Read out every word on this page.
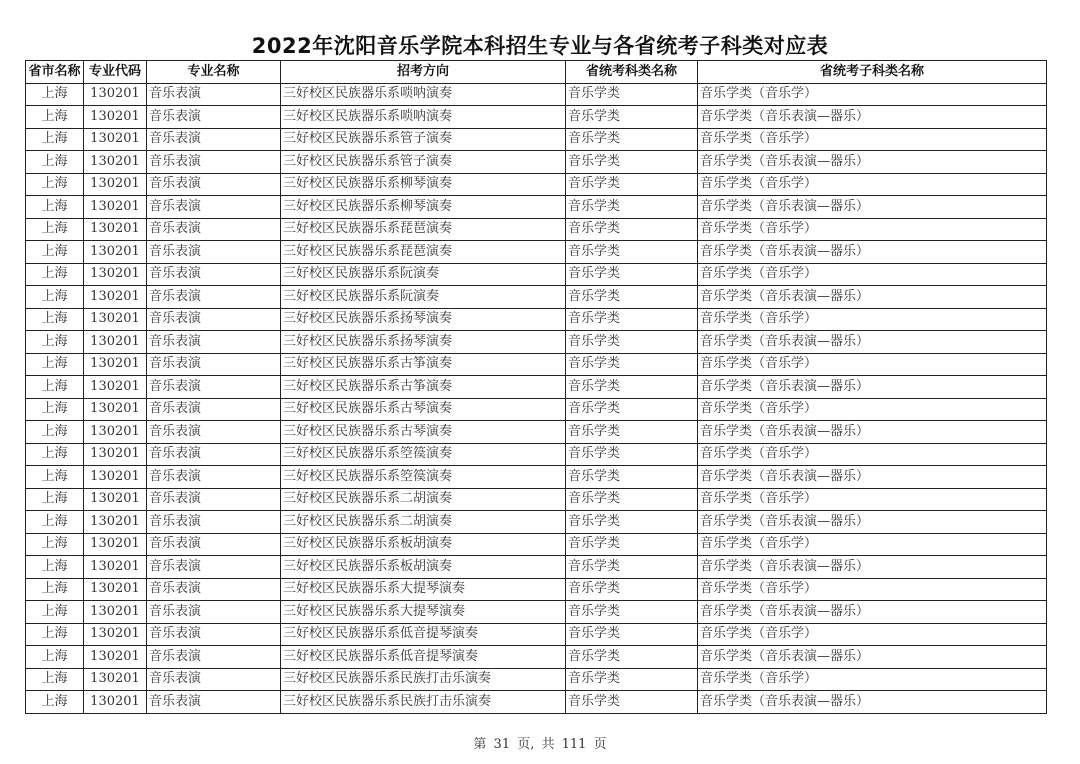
2022年沈阳音乐学院本科招生专业与各省统考子科类对应表
省市名称	专业代码	专业名称	招考方向	省统考科类名称	省统考子科类名称
上海	130201	音乐表演	三好校区民族器乐系唢呐演奏	音乐学类	音乐学类（音乐学）
上海	130201	音乐表演	三好校区民族器乐系唢呐演奏	音乐学类	音乐学类（音乐表演—器乐）
上海	130201	音乐表演	三好校区民族器乐系管子演奏	音乐学类	音乐学类（音乐学）
上海	130201	音乐表演	三好校区民族器乐系管子演奏	音乐学类	音乐学类（音乐表演—器乐）
上海	130201	音乐表演	三好校区民族器乐系柳琴演奏	音乐学类	音乐学类（音乐学）
上海	130201	音乐表演	三好校区民族器乐系柳琴演奏	音乐学类	音乐学类（音乐表演—器乐）
上海	130201	音乐表演	三好校区民族器乐系琵琶演奏	音乐学类	音乐学类（音乐学）
上海	130201	音乐表演	三好校区民族器乐系琵琶演奏	音乐学类	音乐学类（音乐表演—器乐）
上海	130201	音乐表演	三好校区民族器乐系阮演奏	音乐学类	音乐学类（音乐学）
上海	130201	音乐表演	三好校区民族器乐系阮演奏	音乐学类	音乐学类（音乐表演—器乐）
上海	130201	音乐表演	三好校区民族器乐系扬琴演奏	音乐学类	音乐学类（音乐学）
上海	130201	音乐表演	三好校区民族器乐系扬琴演奏	音乐学类	音乐学类（音乐表演—器乐）
上海	130201	音乐表演	三好校区民族器乐系古筝演奏	音乐学类	音乐学类（音乐学）
上海	130201	音乐表演	三好校区民族器乐系古筝演奏	音乐学类	音乐学类（音乐表演—器乐）
上海	130201	音乐表演	三好校区民族器乐系古琴演奏	音乐学类	音乐学类（音乐学）
上海	130201	音乐表演	三好校区民族器乐系古琴演奏	音乐学类	音乐学类（音乐表演—器乐）
上海	130201	音乐表演	三好校区民族器乐系箜篌演奏	音乐学类	音乐学类（音乐学）
上海	130201	音乐表演	三好校区民族器乐系箜篌演奏	音乐学类	音乐学类（音乐表演—器乐）
上海	130201	音乐表演	三好校区民族器乐系二胡演奏	音乐学类	音乐学类（音乐学）
上海	130201	音乐表演	三好校区民族器乐系二胡演奏	音乐学类	音乐学类（音乐表演—器乐）
上海	130201	音乐表演	三好校区民族器乐系板胡演奏	音乐学类	音乐学类（音乐学）
上海	130201	音乐表演	三好校区民族器乐系板胡演奏	音乐学类	音乐学类（音乐表演—器乐）
上海	130201	音乐表演	三好校区民族器乐系大提琴演奏	音乐学类	音乐学类（音乐学）
上海	130201	音乐表演	三好校区民族器乐系大提琴演奏	音乐学类	音乐学类（音乐表演—器乐）
上海	130201	音乐表演	三好校区民族器乐系低音提琴演奏	音乐学类	音乐学类（音乐学）
上海	130201	音乐表演	三好校区民族器乐系低音提琴演奏	音乐学类	音乐学类（音乐表演—器乐）
上海	130201	音乐表演	三好校区民族器乐系民族打击乐演奏	音乐学类	音乐学类（音乐学）
上海	130201	音乐表演	三好校区民族器乐系民族打击乐演奏	音乐学类	音乐学类（音乐表演—器乐）
第 31 页, 共 111 页
